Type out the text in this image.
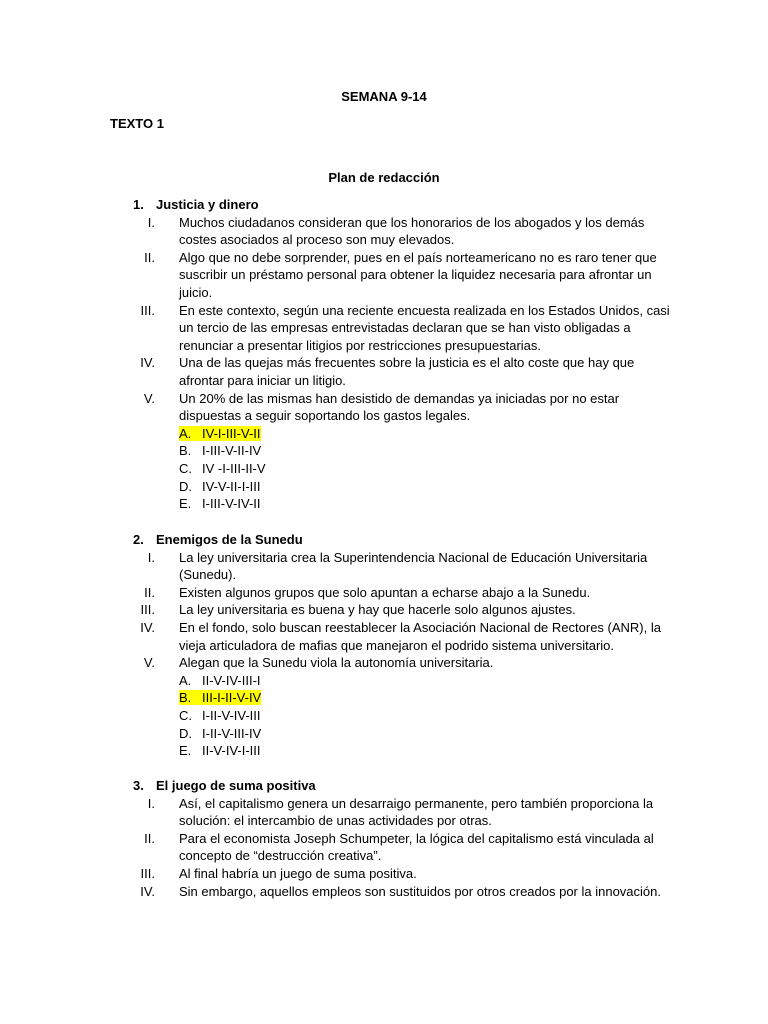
SEMANA 9-14
TEXTO 1
Plan de redacción
1. Justicia y dinero
I. Muchos ciudadanos consideran que los honorarios de los abogados y los demás costes asociados al proceso son muy elevados.
II. Algo que no debe sorprender, pues en el país norteamericano no es raro tener que suscribir un préstamo personal para obtener la liquidez necesaria para afrontar un juicio.
III. En este contexto, según una reciente encuesta realizada en los Estados Unidos, casi un tercio de las empresas entrevistadas declaran que se han visto obligadas a renunciar a presentar litigios por restricciones presupuestarias.
IV. Una de las quejas más frecuentes sobre la justicia es el alto coste que hay que afrontar para iniciar un litigio.
V. Un 20% de las mismas han desistido de demandas ya iniciadas por no estar dispuestas a seguir soportando los gastos legales.
A. IV-I-III-V-II
B. I-III-V-II-IV
C. IV -I-III-II-V
D. IV-V-II-I-III
E. I-III-V-IV-II
2. Enemigos de la Sunedu
I. La ley universitaria crea la Superintendencia Nacional de Educación Universitaria (Sunedu).
II. Existen algunos grupos que solo apuntan a echarse abajo a la Sunedu.
III. La ley universitaria es buena y hay que hacerle solo algunos ajustes.
IV. En el fondo, solo buscan reestablecer la Asociación Nacional de Rectores (ANR), la vieja articuladora de mafias que manejaron el podrido sistema universitario.
V. Alegan que la Sunedu viola la autonomía universitaria.
A. II-V-IV-III-I
B. III-I-II-V-IV
C. I-II-V-IV-III
D. I-II-V-III-IV
E. II-V-IV-I-III
3. El juego de suma positiva
I. Así, el capitalismo genera un desarraigo permanente, pero también proporciona la solución: el intercambio de unas actividades por otras.
II. Para el economista Joseph Schumpeter, la lógica del capitalismo está vinculada al concepto de “destrucción creativa”.
III. Al final habría un juego de suma positiva.
IV. Sin embargo, aquellos empleos son sustituidos por otros creados por la innovación.
